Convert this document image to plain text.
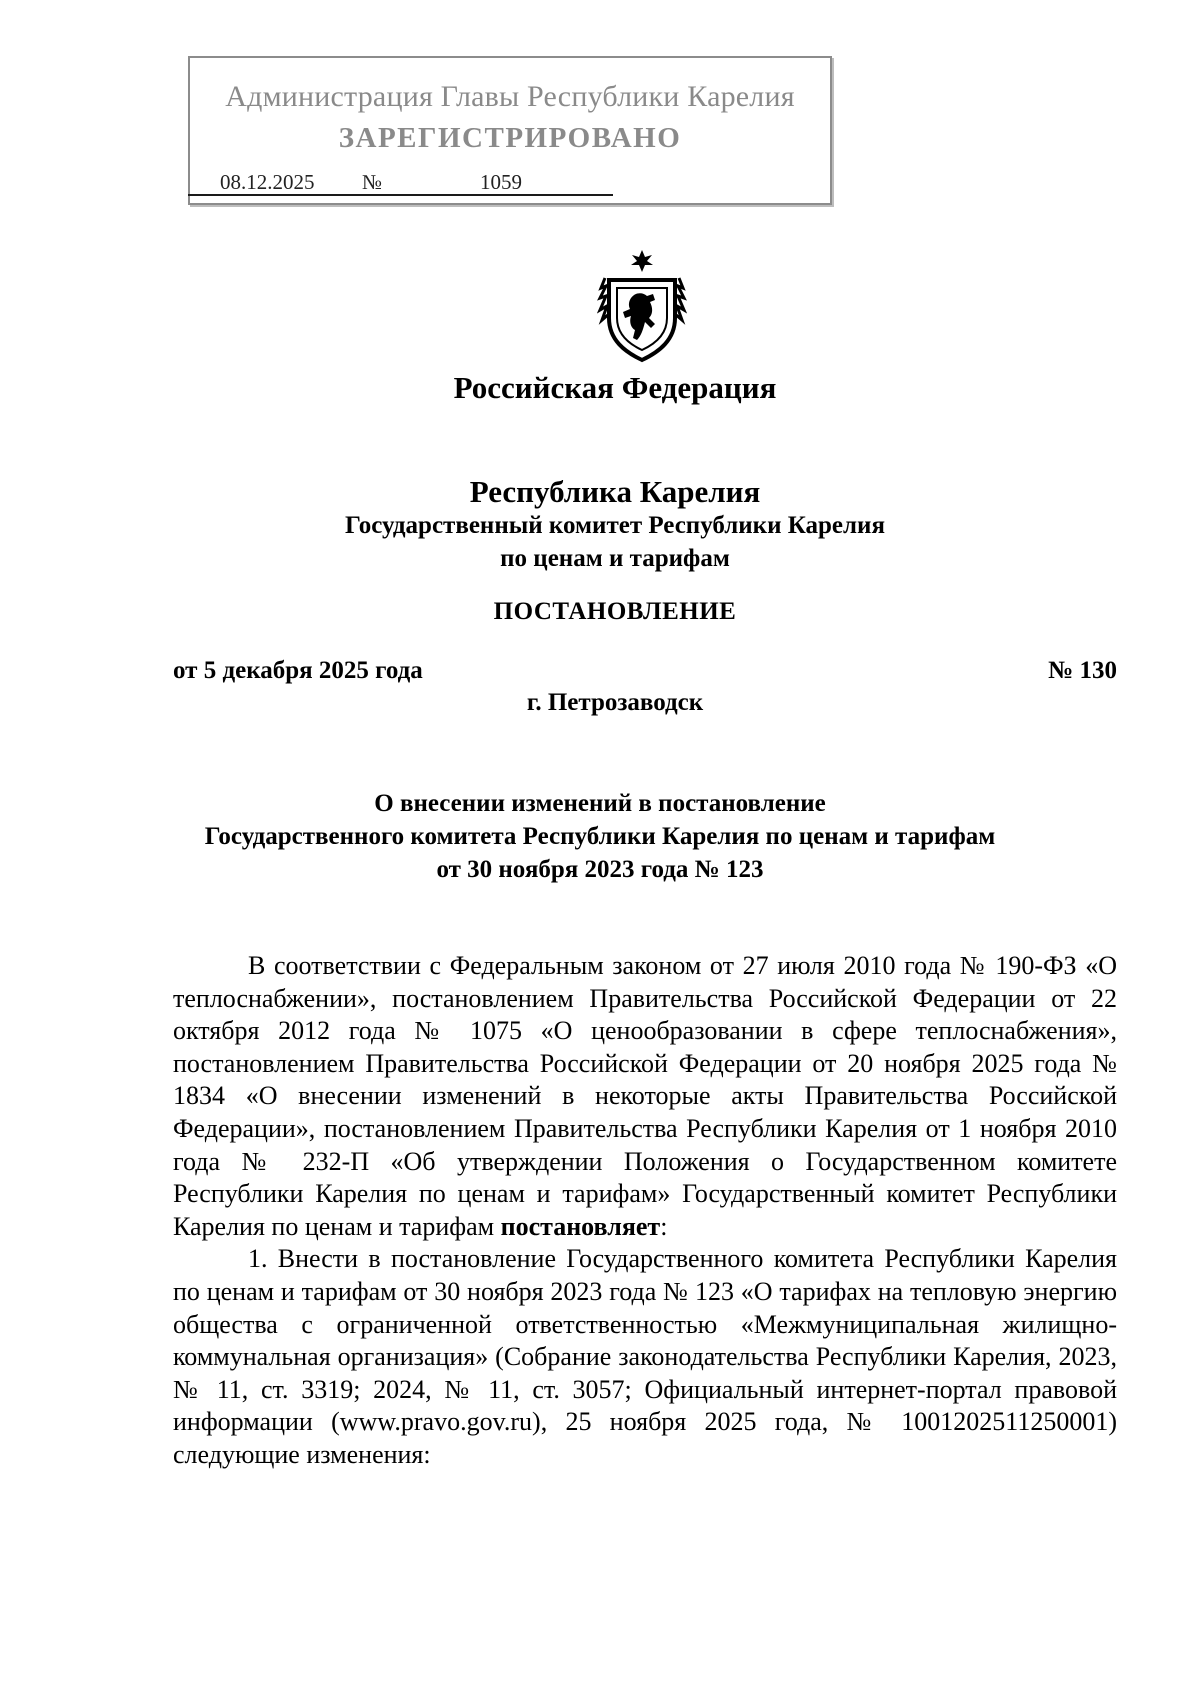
Администрация Главы Республики Карелия
ЗАРЕГИСТРИРОВАНО
08.12.2025 №	1059
Российская Федерация
Республика Карелия
Государственный комитет Республики Карелия
по ценам и тарифам
ПОСТАНОВЛЕНИЕ
от 5 декабря 2025 года	№ 130
г. Петрозаводск
О внесении изменений в постановление
Государственного комитета Республики Карелия по ценам и тарифам
от 30 ноября 2023 года № 123

В соответствии с Федеральным законом от 27 июля 2010 года № 190-ФЗ «О теплоснабжении», постановлением Правительства Российской Федерации от 22 октября 2012 года № 1075 «О ценообразовании в сфере теплоснабжения», постановлением Правительства Российской Федерации от 20 ноября 2025 года № 1834 «О внесении изменений в некоторые акты Правительства Российской Федерации», постановлением Правительства Республики Карелия от 1 ноября 2010 года № 232-П «Об утверждении Положения о Государственном комитете Республики Карелия по ценам и тарифам» Государственный комитет Республики Карелия по ценам и тарифам постановляет:

1. Внести в постановление Государственного комитета Республики Карелия по ценам и тарифам от 30 ноября 2023 года № 123 «О тарифах на тепловую энергию общества с ограниченной ответственностью «Межмуниципальная жилищно-коммунальная организация» (Собрание законодательства Республики Карелия, 2023, № 11, ст. 3319; 2024, № 11, ст. 3057; Официальный интернет-портал правовой информации (www.pravo.gov.ru), 25 ноября 2025 года, № 1001202511250001) следующие изменения:
